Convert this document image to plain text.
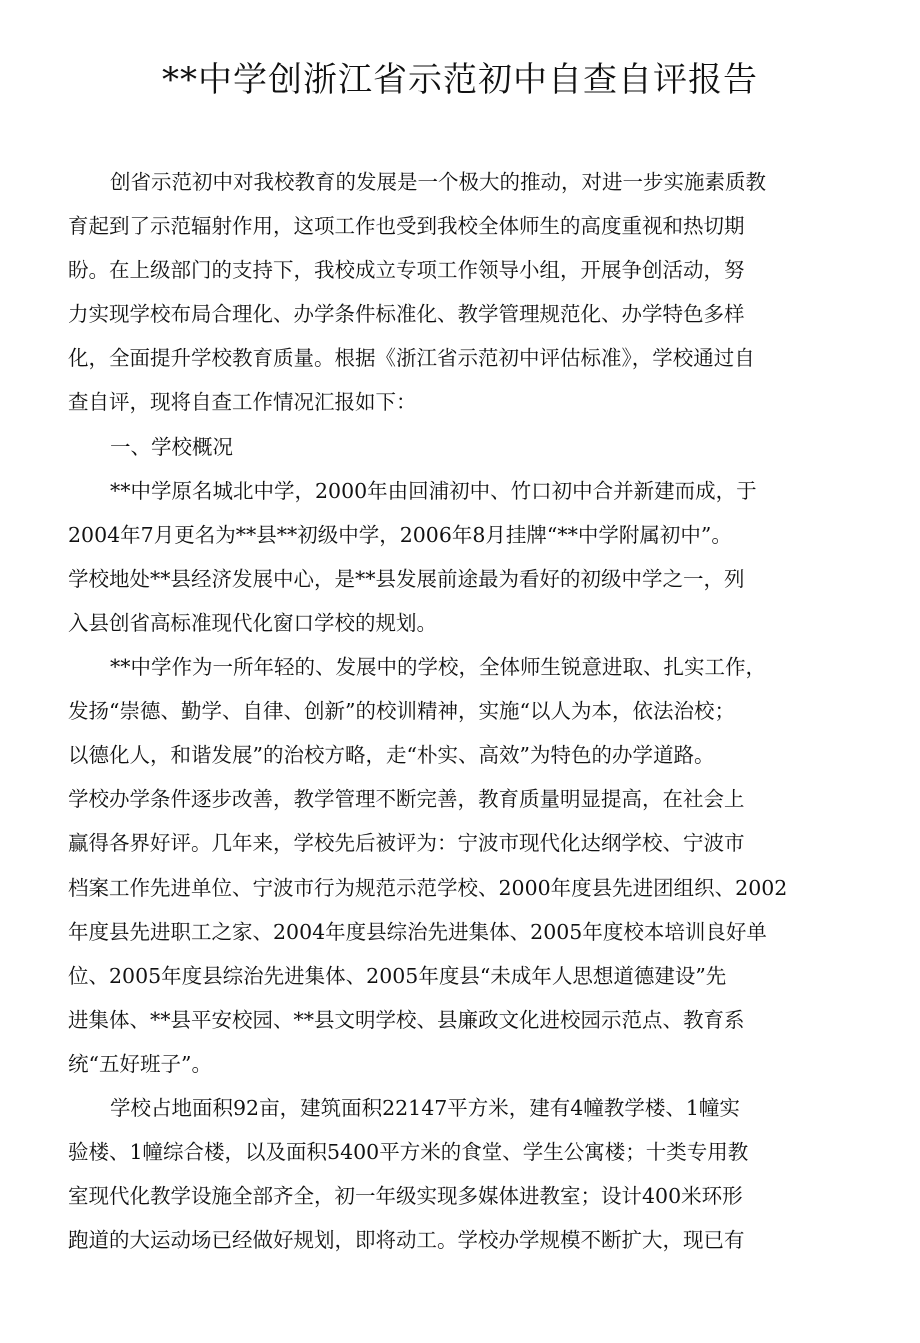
**中学创浙江省示范初中自查自评报告
创省示范初中对我校教育的发展是一个极大的推动，对进一步实施素质教
育起到了示范辐射作用，这项工作也受到我校全体师生的高度重视和热切期
盼。在上级部门的支持下，我校成立专项工作领导小组，开展争创活动，努
力实现学校布局合理化、办学条件标准化、教学管理规范化、办学特色多样
化，全面提升学校教育质量。根据《浙江省示范初中评估标准》，学校通过自
查自评，现将自查工作情况汇报如下：
一、学校概况
**中学原名城北中学，2000年由回浦初中、竹口初中合并新建而成，于
2004年7月更名为**县**初级中学，2006年8月挂牌“**中学附属初中”。
学校地处**县经济发展中心，是**县发展前途最为看好的初级中学之一，列
入县创省高标准现代化窗口学校的规划。
**中学作为一所年轻的、发展中的学校，全体师生锐意进取、扎实工作，
发扬“崇德、勤学、自律、创新”的校训精神，实施“以人为本，依法治校；
以德化人，和谐发展”的治校方略，走“朴实、高效”为特色的办学道路。
学校办学条件逐步改善，教学管理不断完善，教育质量明显提高，在社会上
赢得各界好评。几年来，学校先后被评为：宁波市现代化达纲学校、宁波市
档案工作先进单位、宁波市行为规范示范学校、2000年度县先进团组织、2002
年度县先进职工之家、2004年度县综治先进集体、2005年度校本培训良好单
位、2005年度县综治先进集体、2005年度县“未成年人思想道德建设”先
进集体、**县平安校园、**县文明学校、县廉政文化进校园示范点、教育系
统“五好班子”。
学校占地面积92亩，建筑面积22147平方米，建有4幢教学楼、1幢实
验楼、1幢综合楼，以及面积5400平方米的食堂、学生公寓楼；十类专用教
室现代化教学设施全部齐全，初一年级实现多媒体进教室；设计400米环形
跑道的大运动场已经做好规划，即将动工。学校办学规模不断扩大，现已有
